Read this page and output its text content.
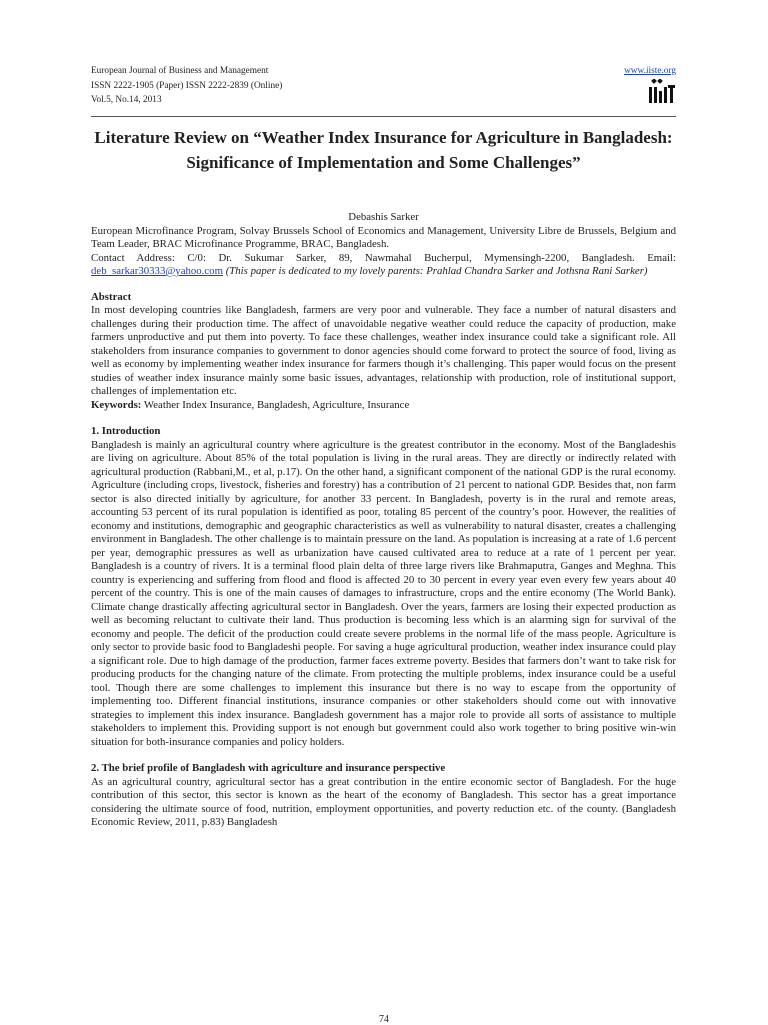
European Journal of Business and Management
ISSN 2222-1905 (Paper) ISSN 2222-2839 (Online)
Vol.5, No.14, 2013
www.iiste.org
Literature Review on “Weather Index Insurance for Agriculture in Bangladesh: Significance of Implementation and Some Challenges”

Debashis Sarker

European Microfinance Program, Solvay Brussels School of Economics and Management, University Libre de Brussels, Belgium and Team Leader, BRAC Microfinance Programme, BRAC, Bangladesh.

Contact Address: C/0: Dr. Sukumar Sarker, 89, Nawmahal Bucherpul, Mymensingh-2200, Bangladesh. Email: deb_sarkar30333@yahoo.com (This paper is dedicated to my lovely parents: Prahlad Chandra Sarker and Jothsna Rani Sarker)

Abstract

In most developing countries like Bangladesh, farmers are very poor and vulnerable. They face a number of natural disasters and challenges during their production time. The affect of unavoidable negative weather could reduce the capacity of production, make farmers unproductive and put them into poverty. To face these challenges, weather index insurance could take a significant role. All stakeholders from insurance companies to government to donor agencies should come forward to protect the source of food, living as well as economy by implementing weather index insurance for farmers though it’s challenging. This paper would focus on the present studies of weather index insurance mainly some basic issues, advantages, relationship with production, role of institutional support, challenges of implementation etc.

Keywords: Weather Index Insurance, Bangladesh, Agriculture, Insurance

1. Introduction

Bangladesh is mainly an agricultural country where agriculture is the greatest contributor in the economy. Most of the Bangladeshis are living on agriculture. About 85% of the total population is living in the rural areas. They are directly or indirectly related with agricultural production (Rabbani,M., et al, p.17). On the other hand, a significant component of the national GDP is the rural economy. Agriculture (including crops, livestock, fisheries and forestry) has a contribution of 21 percent to national GDP. Besides that, non farm sector is also directed initially by agriculture, for another 33 percent. In Bangladesh, poverty is in the rural and remote areas, accounting 53 percent of its rural population is identified as poor, totaling 85 percent of the country’s poor. However, the realities of economy and institutions, demographic and geographic characteristics as well as vulnerability to natural disaster, creates a challenging environment in Bangladesh. The other challenge is to maintain pressure on the land. As population is increasing at a rate of 1.6 percent per year, demographic pressures as well as urbanization have caused cultivated area to reduce at a rate of 1 percent per year. Bangladesh is a country of rivers. It is a terminal flood plain delta of three large rivers like Brahmaputra, Ganges and Meghna. This country is experiencing and suffering from flood and flood is affected 20 to 30 percent in every year even every few years about 40 percent of the country. This is one of the main causes of damages to infrastructure, crops and the entire economy (The World Bank). Climate change drastically affecting agricultural sector in Bangladesh. Over the years, farmers are losing their expected production as well as becoming reluctant to cultivate their land. Thus production is becoming less which is an alarming sign for survival of the economy and people. The deficit of the production could create severe problems in the normal life of the mass people. Agriculture is only sector to provide basic food to Bangladeshi people. For saving a huge agricultural production, weather index insurance could play a significant role. Due to high damage of the production, farmer faces extreme poverty. Besides that farmers don’t want to take risk for producing products for the changing nature of the climate. From protecting the multiple problems, index insurance could be a useful tool. Though there are some challenges to implement this insurance but there is no way to escape from the opportunity of implementing too. Different financial institutions, insurance companies or other stakeholders should come out with innovative strategies to implement this index insurance. Bangladesh government has a major role to provide all sorts of assistance to multiple stakeholders to implement this. Providing support is not enough but government could also work together to bring positive win-win situation for both-insurance companies and policy holders.

2. The brief profile of Bangladesh with agriculture and insurance perspective

As an agricultural country, agricultural sector has a great contribution in the entire economic sector of Bangladesh. For the huge contribution of this sector, this sector is known as the heart of the economy of Bangladesh. This sector has a great importance considering the ultimate source of food, nutrition, employment opportunities, and poverty reduction etc. of the county. (Bangladesh Economic Review, 2011, p.83) Bangladesh

74
